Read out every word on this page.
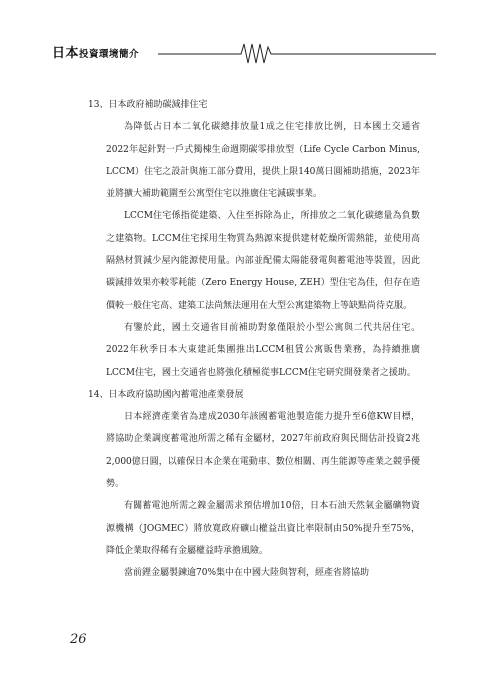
日本投資環境簡介

13、日本政府補助碳減排住宅

為降低占日本二氧化碳總排放量1成之住宅排放比例，日本國土交通省2022年起針對一戶式獨棟生命週期碳零排放型（Life Cycle Carbon Minus, LCCM）住宅之設計與施工部分費用，提供上限140萬日圓補助措施，2023年並將擴大補助範圍至公寓型住宅以推廣住宅減碳事業。

LCCM住宅係指從建築、入住至拆除為止，所排放之二氧化碳總量為負數之建築物。LCCM住宅採用生物質為熱源來提供建材乾燥所需熱能，並使用高隔熱材質減少屋內能源使用量。內部並配備太陽能發電與蓄電池等裝置，因此碳減排效果亦較零耗能（Zero Energy House, ZEH）型住宅為佳，但存在造價較一般住宅高、建築工法尚無法運用在大型公寓建築物上等缺點尚待克服。

有鑒於此，國土交通省目前補助對象僅限於小型公寓與二代共居住宅。2022年秋季日本大東建託集團推出LCCM租賃公寓販售業務，為持續推廣LCCM住宅，國土交通省也將強化積極從事LCCM住宅研究開發業者之援助。

14、日本政府協助國內蓄電池產業發展

日本經濟產業省為達成2030年該國蓄電池製造能力提升至6億KW目標，將協助企業調度蓄電池所需之稀有金屬材，2027年前政府與民間估計投資2兆2,000億日圓，以確保日本企業在電動車、數位相關、再生能源等產業之競爭優勢。

有關蓄電池所需之鎳金屬需求預估增加10倍，日本石油天然氣金屬礦物資源機構（JOGMEC）將放寬政府礦山權益出資比率限制由50%提升至75%，降低企業取得稀有金屬權益時承擔風險。

當前鋰金屬製鍊逾70%集中在中國大陸與智利，經產省將協助

26
